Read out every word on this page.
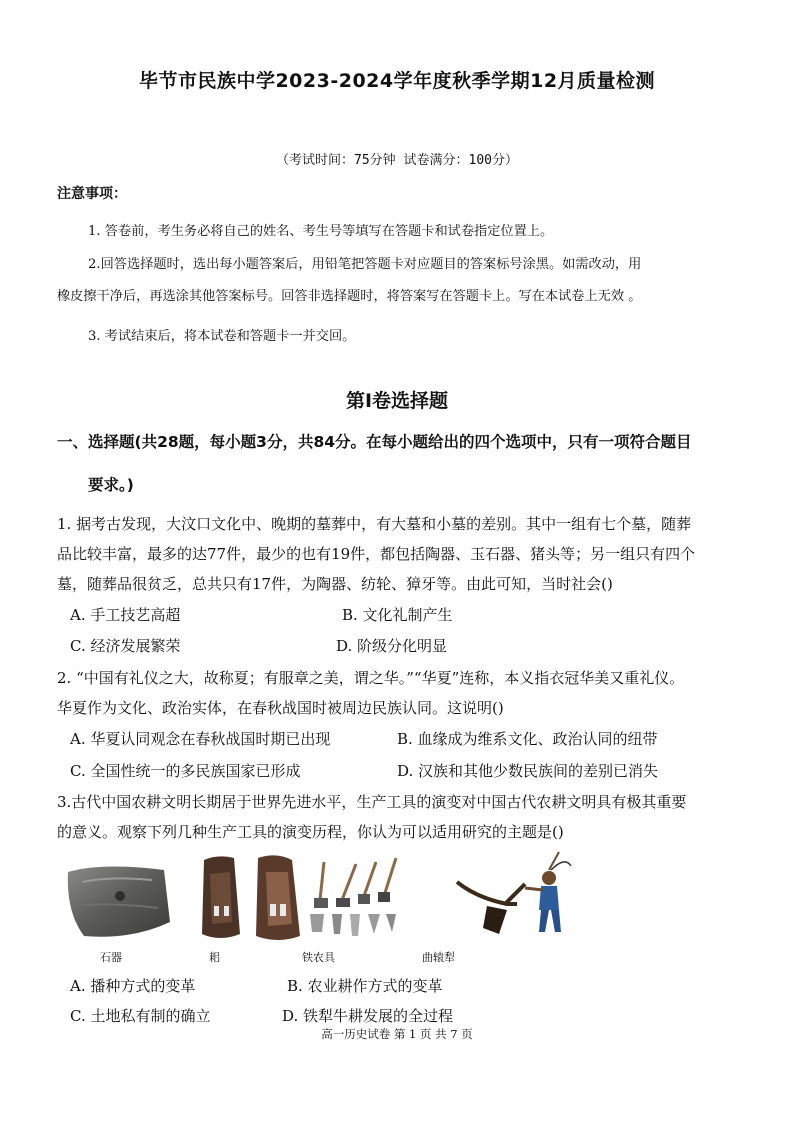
毕节市民族中学2023-2024学年度秋季学期12月质量检测
（考试时间：75分钟 试卷满分：100分）
注意事项：
1. 答卷前，考生务必将自己的姓名、考生号等填写在答题卡和试卷指定位置上。
2.回答选择题时，选出每小题答案后，用铅笔把答题卡对应题目的答案标号涂黑。如需改动，用
橡皮擦干净后，再选涂其他答案标号。回答非选择题时，将答案写在答题卡上。写在本试卷上无效 。
3. 考试结束后，将本试卷和答题卡一并交回。
第Ⅰ卷选择题
一、选择题(共28题，每小题3分，共84分。在每小题给出的四个选项中，只有一项符合题目
要求。)
1. 据考古发现，大汶口文化中、晚期的墓葬中，有大墓和小墓的差别。其中一组有七个墓，随葬
品比较丰富，最多的达77件，最少的也有19件，都包括陶器、玉石器、猪头等；另一组只有四个
墓，随葬品很贫乏，总共只有17件，为陶器、纺轮、獐牙等。由此可知，当时社会()
A. 手工技艺高超	B. 文化礼制产生
C. 经济发展繁荣	D. 阶级分化明显
2. “中国有礼仪之大，故称夏；有服章之美，谓之华。”“华夏”连称，本义指衣冠华美又重礼仪。
华夏作为文化、政治实体，在春秋战国时被周边民族认同。这说明()
A. 华夏认同观念在春秋战国时期已出现	B. 血缘成为维系文化、政治认同的纽带
C. 全国性统一的多民族国家已形成	D. 汉族和其他少数民族间的差别已消失
3.古代中国农耕文明长期居于世界先进水平，生产工具的演变对中国古代农耕文明具有极其重要
的意义。观察下列几种生产工具的演变历程，你认为可以适用研究的主题是()
石器	耜	铁农具	曲辕犁
A. 播种方式的变革	B. 农业耕作方式的变革
C. 土地私有制的确立	D. 铁犁牛耕发展的全过程
高一历史试卷 第 1 页 共 7 页
